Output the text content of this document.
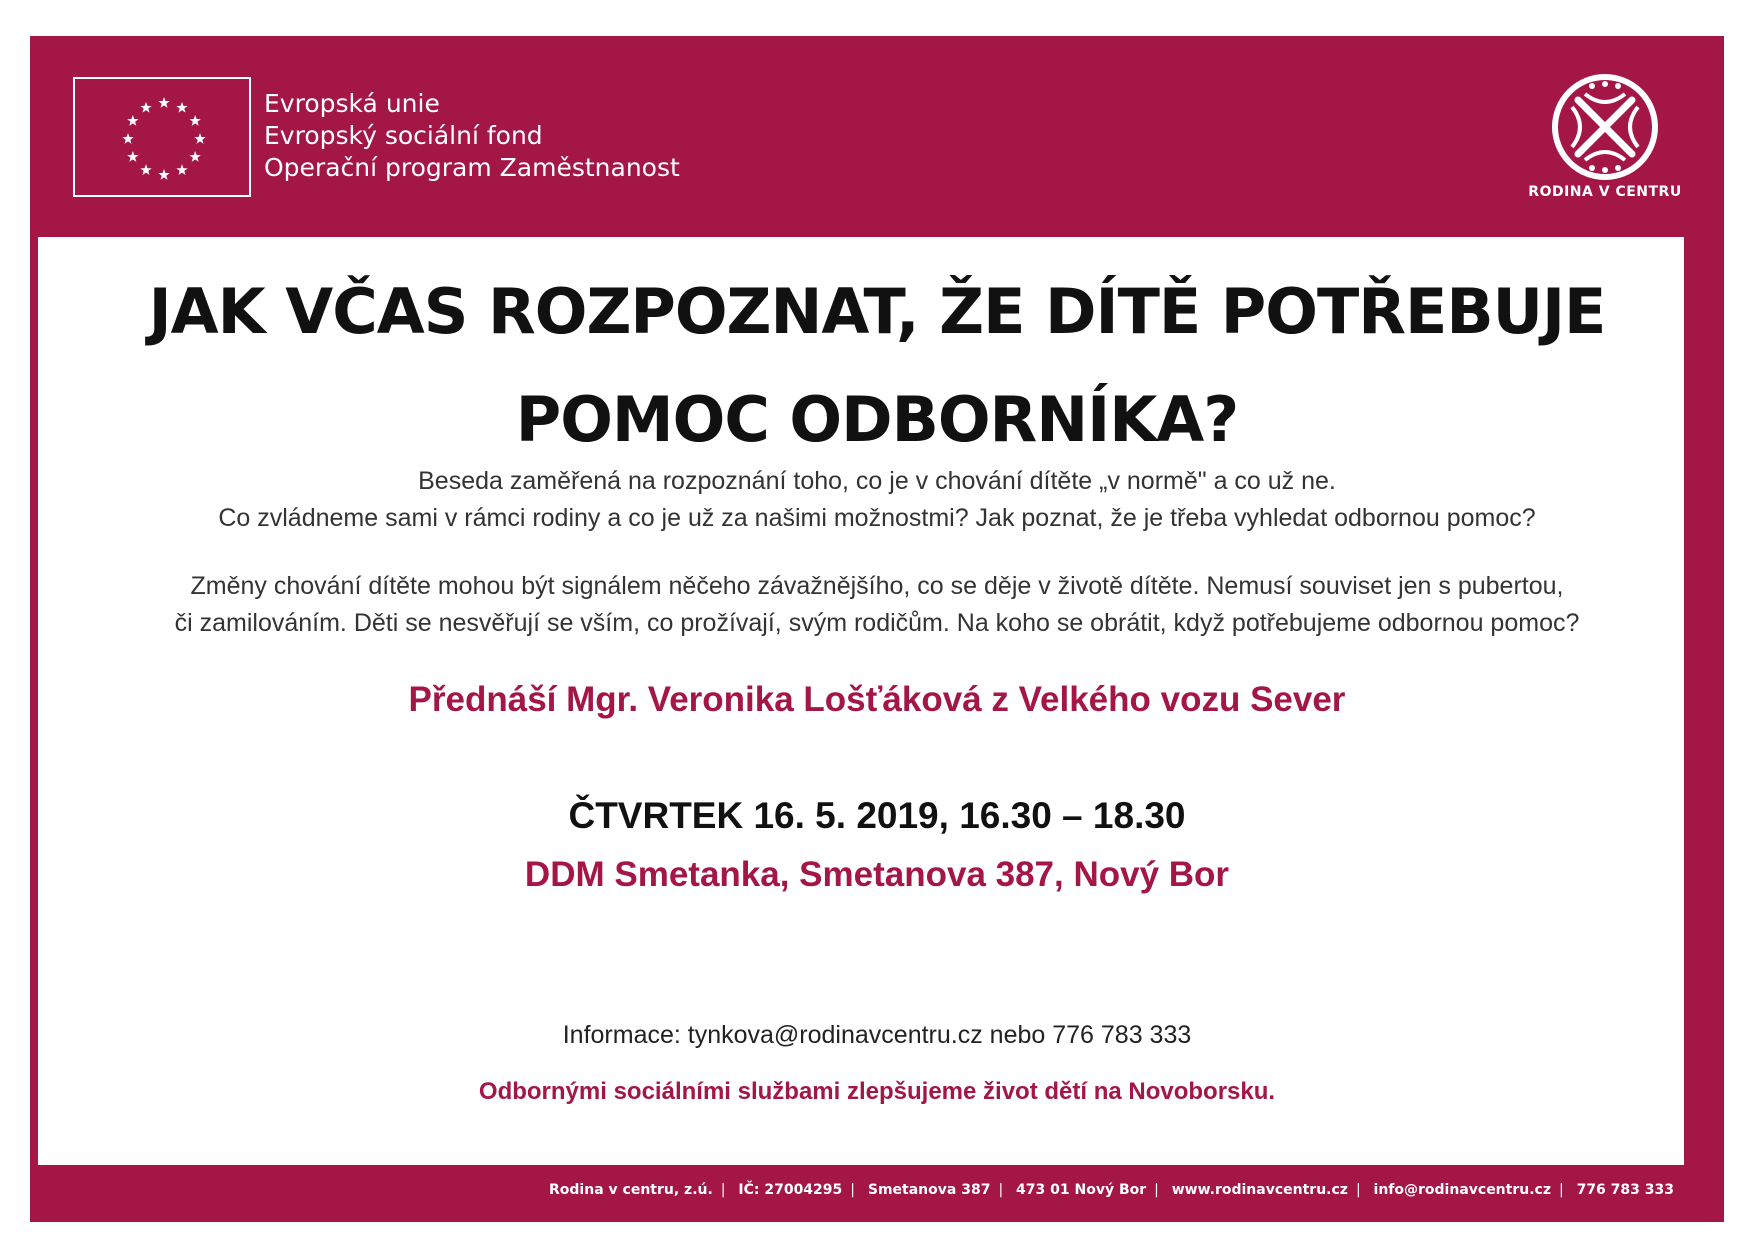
Evropská unie
Evropský sociální fond
Operační program Zaměstnanost
RODINA V CENTRU
JAK VČAS ROZPOZNAT, ŽE DÍTĚ POTŘEBUJE
POMOC ODBORNÍKA?
Beseda zaměřená na rozpoznání toho, co je v chování dítěte „v normě" a co už ne.
Co zvládneme sami v rámci rodiny a co je už za našimi možnostmi? Jak poznat, že je třeba vyhledat odbornou pomoc?
Změny chování dítěte mohou být signálem něčeho závažnějšího, co se děje v životě dítěte. Nemusí souviset jen s pubertou,
či zamilováním. Děti se nesvěřují se vším, co prožívají, svým rodičům. Na koho se obrátit, když potřebujeme odbornou pomoc?
Přednáší Mgr. Veronika Lošťáková z Velkého vozu Sever
ČTVRTEK 16. 5. 2019, 16.30 – 18.30
DDM Smetanka, Smetanova 387, Nový Bor
Informace: tynkova@rodinavcentru.cz nebo 776 783 333
Odbornými sociálními službami zlepšujeme život dětí na Novoborsku.
Rodina v centru, z.ú. | IČ: 27004295 | Smetanova 387 | 473 01 Nový Bor | www.rodinavcentru.cz | info@rodinavcentru.cz | 776 783 333
